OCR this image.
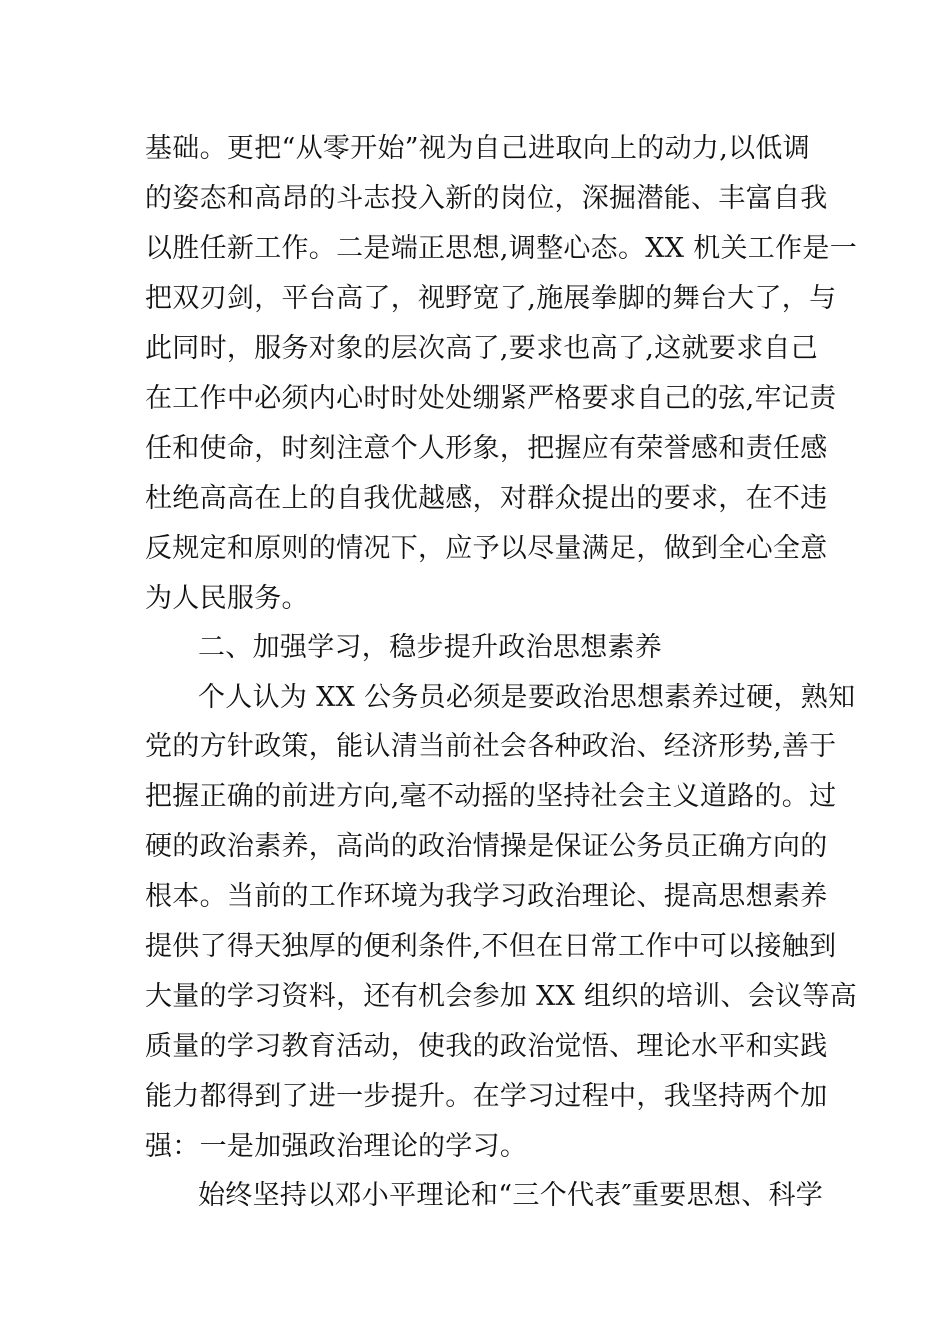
基础。更把“从零开始”视为自己进取向上的动力,以低调
的姿态和高昂的斗志投入新的岗位，深掘潜能、丰富自我
以胜任新工作。二是端正思想,调整心态。XX 机关工作是一
把双刃剑，平台高了，视野宽了,施展拳脚的舞台大了，与
此同时，服务对象的层次高了,要求也高了,这就要求自己
在工作中必须内心时时处处绷紧严格要求自己的弦,牢记责
任和使命，时刻注意个人形象，把握应有荣誉感和责任感
杜绝高高在上的自我优越感，对群众提出的要求，在不违
反规定和原则的情况下，应予以尽量满足，做到全心全意
为人民服务。
二、加强学习，稳步提升政治思想素养
个人认为 XX 公务员必须是要政治思想素养过硬，熟知
党的方针政策，能认清当前社会各种政治、经济形势,善于
把握正确的前进方向,毫不动摇的坚持社会主义道路的。过
硬的政治素养，高尚的政治情操是保证公务员正确方向的
根本。当前的工作环境为我学习政治理论、提高思想素养
提供了得天独厚的便利条件,不但在日常工作中可以接触到
大量的学习资料，还有机会参加 XX 组织的培训、会议等高
质量的学习教育活动，使我的政治觉悟、理论水平和实践
能力都得到了进一步提升。在学习过程中，我坚持两个加
强：一是加强政治理论的学习。
始终坚持以邓小平理论和“三个代表″重要思想、科学
